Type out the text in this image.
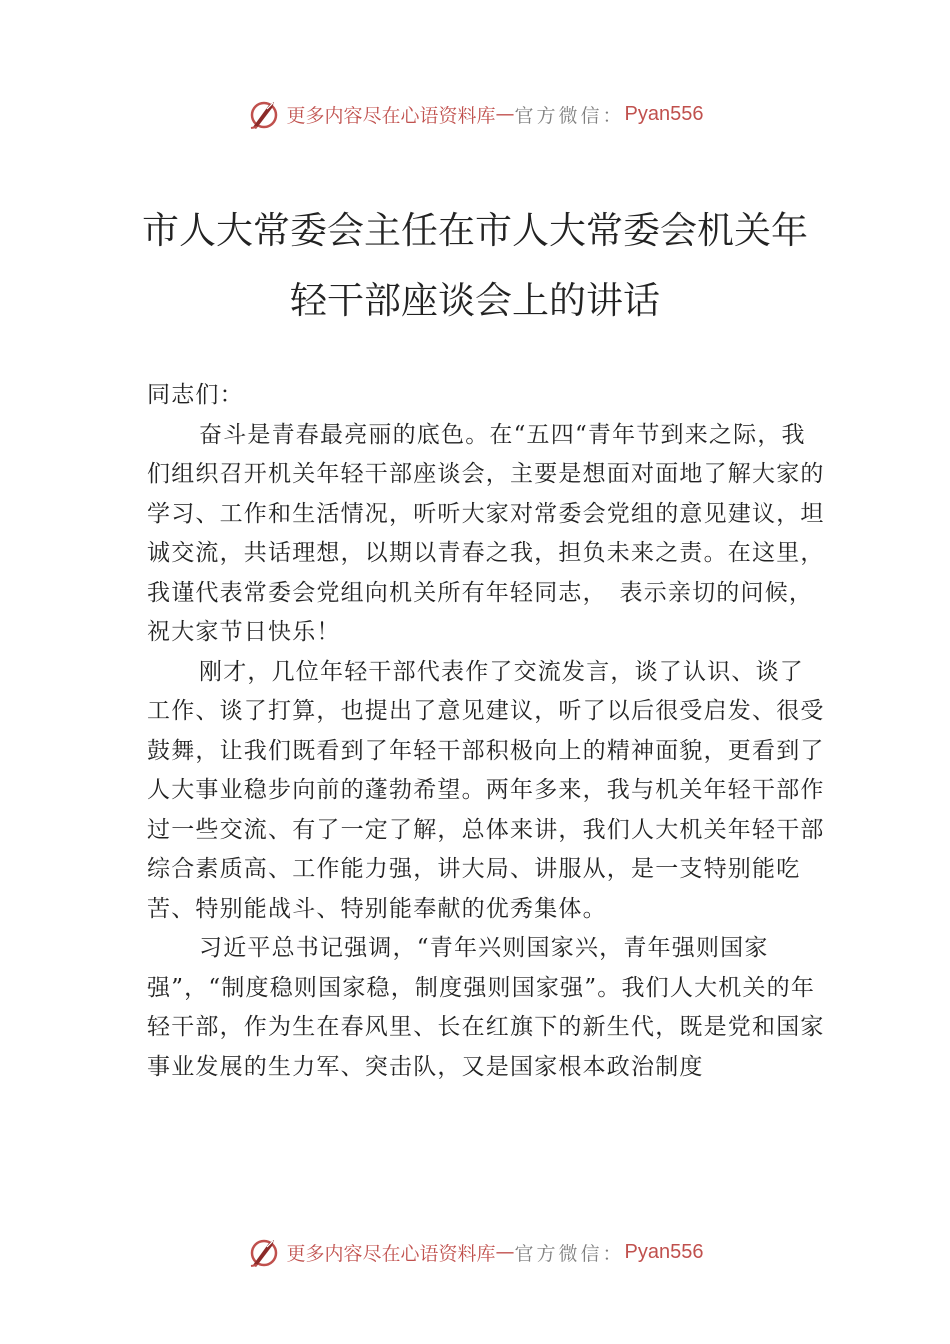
更多内容尽在心语资料库 — 官方微信： Pyan556
市人大常委会主任在市人大常委会机关年
轻干部座谈会上的讲话

同志们：

奋斗是青春最亮丽的底色。在“五四“青年节到来之际，我们组织召开机关年轻干部座谈会，主要是想面对面地了解大家的学习、工作和生活情况，听听大家对常委会党组的意见建议，坦诚交流，共话理想，以期以青春之我，担负未来之责。在这里，我谨代表常委会党组向机关所有年轻同志，　表示亲切的问候，祝大家节日快乐！

刚才，几位年轻干部代表作了交流发言，谈了认识、谈了工作、谈了打算，也提出了意见建议，听了以后很受启发、很受鼓舞，让我们既看到了年轻干部积极向上的精神面貌，更看到了人大事业稳步向前的蓬勃希望。两年多来，我与机关年轻干部作过一些交流、有了一定了解，总体来讲，我们人大机关年轻干部综合素质高、工作能力强，讲大局、讲服从，是一支特别能吃苦、特别能战斗、特别能奉献的优秀集体。

习近平总书记强调，“青年兴则国家兴，青年强则国家强”，“制度稳则国家稳，制度强则国家强”。我们人大机关的年轻干部，作为生在春风里、长在红旗下的新生代，既是党和国家事业发展的生力军、突击队，又是国家根本政治制度

更多内容尽在心语资料库 — 官方微信： Pyan556
